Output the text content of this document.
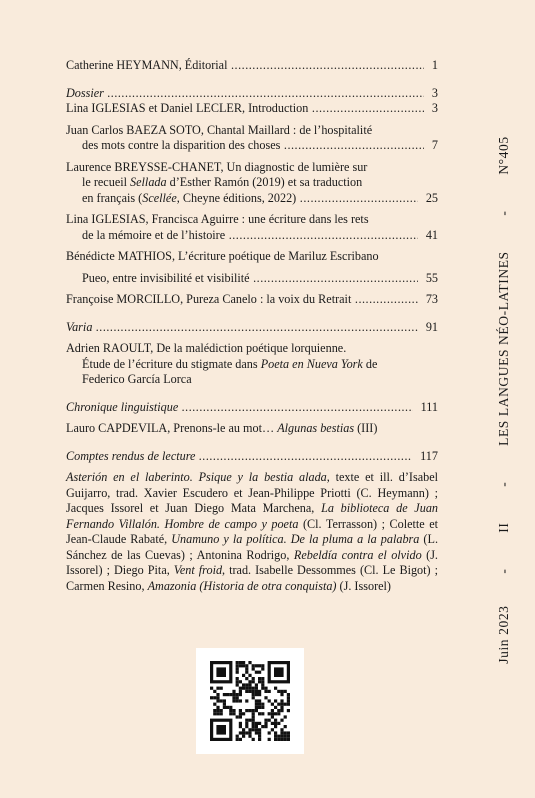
Catherine HEYMANN, Éditorial .....	1
Dossier .....	3
Lina IGLESIAS et Daniel LECLER, Introduction .....	3
Juan Carlos BAEZA SOTO, Chantal Maillard : de l’hospitalité
des mots contre la disparition des choses .....	7
Laurence BREYSSE-CHANET, Un diagnostic de lumière sur
le recueil Sellada d’Esther Ramón (2019) et sa traduction
en français (Scellée, Cheyne éditions, 2022) .....	25
Lina IGLESIAS, Francisca Aguirre : une écriture dans les rets
de la mémoire et de l’histoire .....	41
Bénédicte MATHIOS, L’écriture poétique de Mariluz Escribano
Pueo, entre invisibilité et visibilité .....	55
Françoise MORCILLO, Pureza Canelo : la voix du Retrait .....	73
Varia .....	91
Adrien RAOULT, De la malédiction poétique lorquienne.
Étude de l’écriture du stigmate dans Poeta en Nueva York de
Federico García Lorca
Chronique linguistique .....	111
Lauro CAPDEVILA, Prenons-le au mot… Algunas bestias (III)
Comptes rendus de lecture .....	117
Asterión en el laberinto. Psique y la bestia alada, texte et ill. d’Isabel Guijarro, trad. Xavier Escudero et Jean-Philippe Priotti (C. Heymann) ; Jacques Issorel et Juan Diego Mata Marchena, La biblioteca de Juan Fernando Villalón. Hombre de campo y poeta (Cl. Terrasson) ; Colette et Jean-Claude Rabaté, Unamuno y la política. De la pluma a la palabra (L. Sánchez de las Cuevas) ; Antonina Rodrigo, Rebeldía contra el olvido (J. Issorel) ; Diego Pita, Vent froid, trad. Isabelle Dessommes (Cl. Le Bigot) ; Carmen Resino, Amazonia (Historia de otra conquista) (J. Issorel)
Juin 2023        -         II         -         LES LANGUES NÉO-LATINES         -         N°405
